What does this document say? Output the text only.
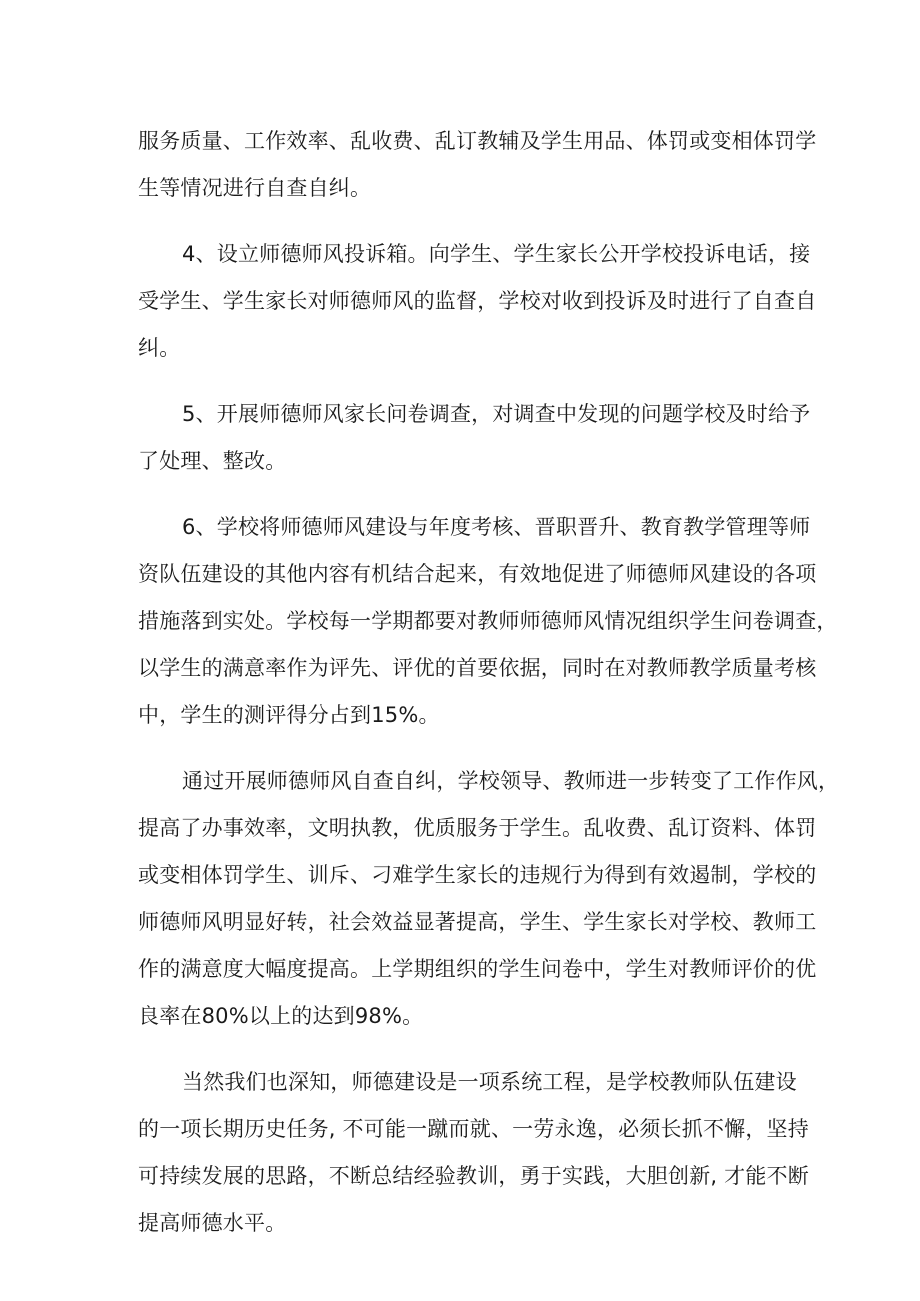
服务质量、工作效率、乱收费、乱订教辅及学生用品、体罚或变相体罚学
生等情况进行自查自纠。

4、设立师德师风投诉箱。向学生、学生家长公开学校投诉电话，接
受学生、学生家长对师德师风的监督，学校对收到投诉及时进行了自查自
纠。

5、开展师德师风家长问卷调查，对调查中发现的问题学校及时给予
了处理、整改。

6、学校将师德师风建设与年度考核、晋职晋升、教育教学管理等师
资队伍建设的其他内容有机结合起来，有效地促进了师德师风建设的各项
措施落到实处。学校每一学期都要对教师师德师风情况组织学生问卷调查，
以学生的满意率作为评先、评优的首要依据，同时在对教师教学质量考核
中，学生的测评得分占到15%。

通过开展师德师风自查自纠，学校领导、教师进一步转变了工作作风，
提高了办事效率，文明执教，优质服务于学生。乱收费、乱订资料、体罚
或变相体罚学生、训斥、刁难学生家长的违规行为得到有效遏制，学校的
师德师风明显好转，社会效益显著提高，学生、学生家长对学校、教师工
作的满意度大幅度提高。上学期组织的学生问卷中，学生对教师评价的优
良率在80%以上的达到98%。

当然我们也深知，师德建设是一项系统工程，是学校教师队伍建设
的一项长期历史任务, 不可能一蹴而就、一劳永逸，必须长抓不懈，坚持
可持续发展的思路，不断总结经验教训，勇于实践，大胆创新, 才能不断
提高师德水平。
